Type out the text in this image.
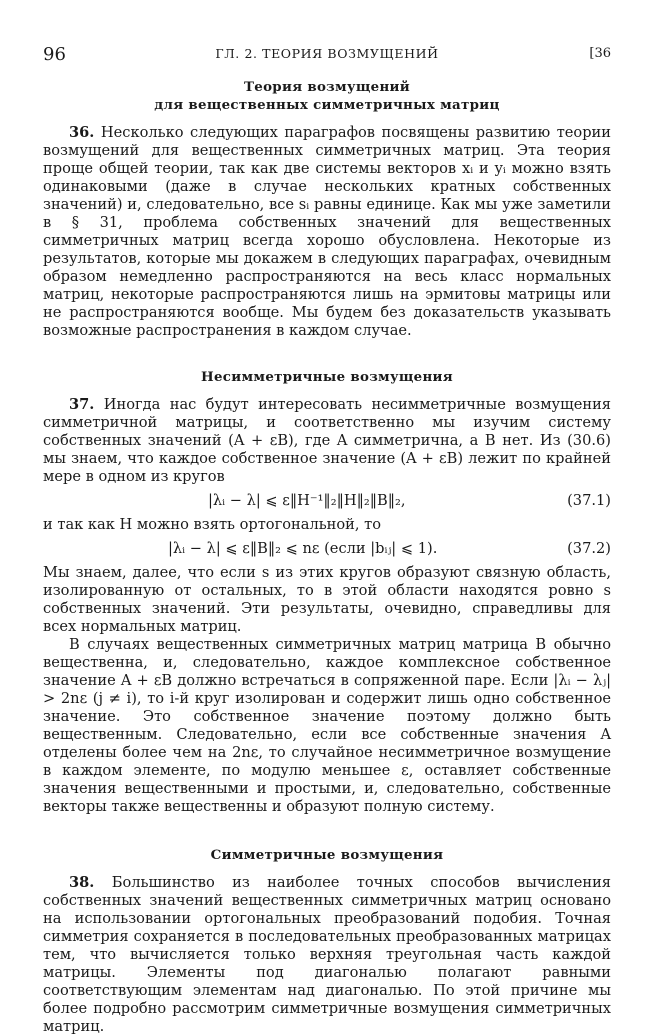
96	ГЛ. 2. ТЕОРИЯ ВОЗМУЩЕНИЙ	[36
Теория возмущений
для вещественных симметричных матриц

36. Несколько следующих параграфов посвящены развитию теории возмущений для вещественных симметричных матриц. Эта теория проще общей теории, так как две системы векторов xᵢ и yᵢ можно взять одинаковыми (даже в случае нескольких кратных собственных значений) и, следовательно, все sᵢ равны единице. Как мы уже заметили в § 31, проблема собственных значений для вещественных симметричных матриц всегда хорошо обусловлена. Некоторые из результатов, которые мы докажем в следующих параграфах, очевидным образом немедленно распространяются на весь класс нормальных матриц, некоторые распространяются лишь на эрмитовы матрицы или не распространяются вообще. Мы будем без доказательств указывать возможные распространения в каждом случае.

Несимметричные возмущения

37. Иногда нас будут интересовать несимметричные возмущения симметричной матрицы, и соответственно мы изучим систему собственных значений (A + εB), где A симметрична, а B нет. Из (30.6) мы знаем, что каждое собственное значение (A + εB) лежит по крайней мере в одном из кругов

|λᵢ − λ| ⩽ ε‖H⁻¹‖₂‖H‖₂‖B‖₂,	(37.1)

и так как H можно взять ортогональной, то

|λᵢ − λ| ⩽ ε‖B‖₂ ⩽ nε (если |bᵢⱼ| ⩽ 1).	(37.2)

Мы знаем, далее, что если s из этих кругов образуют связную область, изолированную от остальных, то в этой области находятся ровно s собственных значений. Эти результаты, очевидно, справедливы для всех нормальных матриц.

В случаях вещественных симметричных матриц матрица B обычно вещественна, и, следовательно, каждое комплексное собственное значение A + εB должно встречаться в сопряженной паре. Если |λᵢ − λⱼ| > 2nε (j ≠ i), то i-й круг изолирован и содержит лишь одно собственное значение. Это собственное значение поэтому должно быть вещественным. Следовательно, если все собственные значения A отделены более чем на 2nε, то случайное несимметричное возмущение в каждом элементе, по модулю меньшее ε, оставляет собственные значения вещественными и простыми, и, следовательно, собственные векторы также вещественны и образуют полную систему.

Симметричные возмущения

38. Большинство из наиболее точных способов вычисления собственных значений вещественных симметричных матриц основано на использовании ортогональных преобразований подобия. Точная симметрия сохраняется в последовательных преобразованных матрицах тем, что вычисляется только верхняя треугольная часть каждой матрицы. Элементы под диагональю полагают равными соответствующим элементам над диагональю. По этой причине мы более подробно рассмотрим симметричные возмущения симметричных матриц.
